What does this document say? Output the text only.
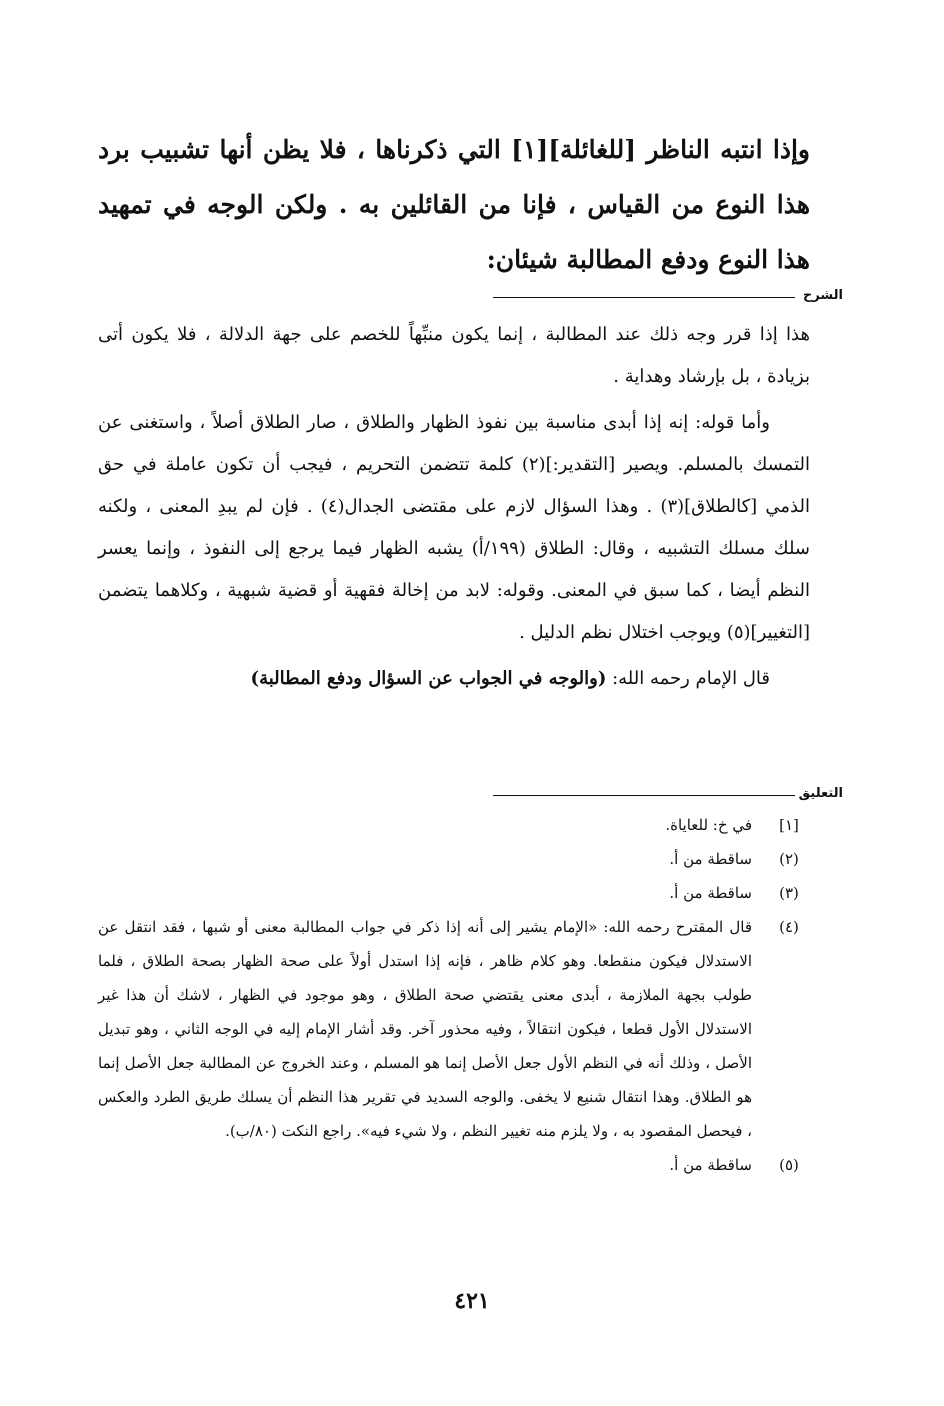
وإذا انتبه الناظر [للغائلة][١] التي ذكرناها ، فلا يظن أنها تشبيب برد هذا النوع من القياس ، فإنا من القائلين به . ولكن الوجه في تمهيد هذا النوع ودفع المطالبة شيئان:

الشرح

هذا إذا قرر وجه ذلك عند المطالبة ، إنما يكون منبِّهاً للخصم على جهة الدلالة ، فلا يكون أتى بزيادة ، بل بإرشاد وهداية .

وأما قوله: إنه إذا أبدى مناسبة بين نفوذ الظهار والطلاق ، صار الطلاق أصلاً ، واستغنى عن التمسك بالمسلم. ويصير [التقدير:](٢) كلمة تتضمن التحريم ، فيجب أن تكون عاملة في حق الذمي [كالطلاق](٣) . وهذا السؤال لازم على مقتضى الجدال(٤) . فإن لم يبدِ المعنى ، ولكنه سلك مسلك التشبيه ، وقال: الطلاق (١٩٩/أ) يشبه الظهار فيما يرجع إلى النفوذ ، وإنما يعسر النظم أيضا ، كما سبق في المعنى. وقوله: لابد من إخالة فقهية أو قضية شبهية ، وكلاهما يتضمن [التغيير](٥) ويوجب اختلال نظم الدليل .

قال الإمام رحمه الله: (والوجه في الجواب عن السؤال ودفع المطالبة)

التعليق
[١]
في خ: للعاياة.
(٢)
ساقطة من أ.
(٣)
ساقطة من أ.
(٤)
قال المقترح رحمه الله: «الإمام يشير إلى أنه إذا ذكر في جواب المطالبة معنى أو شبها ، فقد انتقل عن الاستدلال فيكون منقطعا. وهو كلام ظاهر ، فإنه إذا استدل أولاً على صحة الظهار بصحة الطلاق ، فلما طولب بجهة الملازمة ، أبدى معنى يقتضي صحة الطلاق ، وهو موجود في الظهار ، لاشك أن هذا غير الاستدلال الأول قطعا ، فيكون انتقالاً ، وفيه محذور آخر. وقد أشار الإمام إليه في الوجه الثاني ، وهو تبديل الأصل ، وذلك أنه في النظم الأول جعل الأصل إنما هو المسلم ، وعند الخروج عن المطالبة جعل الأصل إنما هو الطلاق. وهذا انتقال شنيع لا يخفى. والوجه السديد في تقرير هذا النظم أن يسلك طريق الطرد والعكس ، فيحصل المقصود به ، ولا يلزم منه تغيير النظم ، ولا شيء فيه». راجع النكت (٨٠/ب).
(٥)
ساقطة من أ.
٤٢١
